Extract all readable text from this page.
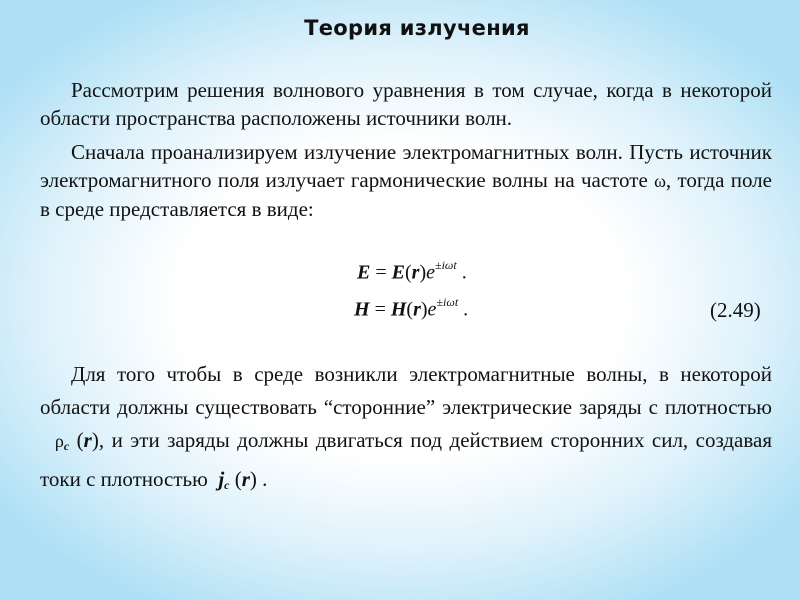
Теория излучения
Рассмотрим решения волнового уравнения в том случае, когда в некоторой области пространства расположены источники волн.
Сначала проанализируем излучение электромагнитных волн. Пусть источник электромагнитного поля излучает гармонические волны на частоте ω, тогда поле в среде представляется в виде:
$E = E(r)e^{\pm i\omega t}$ .
$H = H(r)e^{\pm i\omega t}$ .	(2.49)
Для того чтобы в среде возникли электромагнитные волны, в некоторой области должны существовать “сторонние” электрические заряды с плотностью   $\rho_c$ (r), и эти заряды должны двигаться под действием сторонних сил, создавая токи с плотностью $j_c$ (r) .
